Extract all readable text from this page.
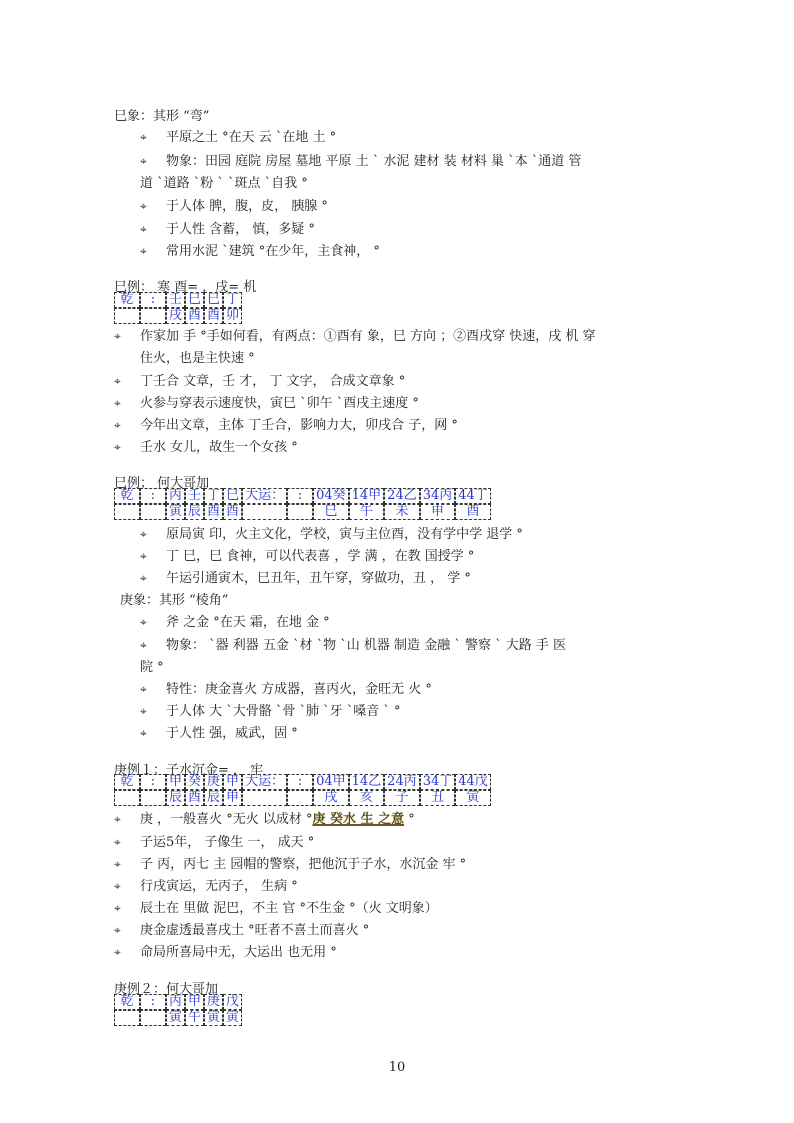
巳象：其形 “弯”
⌖ 平原之土 °在天 云 `在地 土 °
⌖ 物象：田园 庭院 房屋 墓地 平原 土 ` 水泥 建材 装 材料 巢 `本 `通道 管
道 `道路 `粉 ` `斑点 `自我 °
⌖ 于人体 脾，腹，皮， 胰腺 °
⌖ 于人性 含蓄， 慎，多疑 °
⌖ 常用水泥 `建筑 °在少年，主食神， °
巳例： 寒 酉= ，戌= 机
乾	:	壬	巳	巳	丁
		戌	酉	酉	卯
⌖ 作家加 手 °手如何看，有两点：①酉有 象，巳 方向 ；②酉戌穿 快速，戌 机 穿
住火，也是主快速 °
⌖ 丁壬合 文章，壬 才， 丁 文字， 合成文章象 °
⌖ 火参与穿表示速度快，寅巳 `卯午 `酉戌主速度 °
⌖ 今年出文章，主体 丁壬合，影响力大，卯戌合 子，网 °
⌖ 壬水 女儿，故生一个女孩 °
巳例； 何大哥加
乾	:	丙	壬	丁	巳	大运：	:	04癸	14甲	24乙	34丙	44丁
		寅	辰	酉	酉			巳	午	未	申	酉
⌖ 原局寅 印，火主文化，学校，寅与主位酉，没有学中学 退学 °
⌖ 丁 巳，巳 食神，可以代表喜 ，学 满 ，在教 国授学 °
⌖ 午运引通寅木，巳丑年，丑午穿，穿做功，丑 ， 学 °
庚象：其形 “棱角”
⌖ 斧 之金 °在天 霜，在地 金 °
⌖ 物象： `器 利器 五金 `材 `物 `山 机器 制造 金融 ` 警察 ` 大路 手 医
院 °
⌖ 特性：庚金喜火 方成器，喜丙火，金旺无 火 °
⌖ 于人体 大 `大骨骼 `骨 `肺 `牙 `嗓音 ` °
⌖ 于人性 强，威武，固 °
庚例１：子水沉金= ， 牢
乾	:	甲	癸	庚	甲	大运：	:	04甲	14乙	24丙	34丁	44戊
		辰	酉	辰	申			戌	亥	子	丑	寅
⌖ 庚 ，一般喜火 °无火 以成材 °庚 癸水 生 之意 °
⌖ 子运5年， 子像生 一， 成天 °
⌖ 子 丙，丙七 主 园帽的警察，把他沉于子水，水沉金 牢 °
⌖ 行戌寅运，无丙子， 生病 °
⌖ 辰土在 里做 泥巴，不主 官 °不生金 °（火 文明象）
⌖ 庚金虚透最喜戌土 °旺者不喜土而喜火 °
⌖ 命局所喜局中无，大运出 也无用 °
庚例２：何大哥加
乾	:	丙	甲	庚	戊
		寅	午	寅	寅
10
